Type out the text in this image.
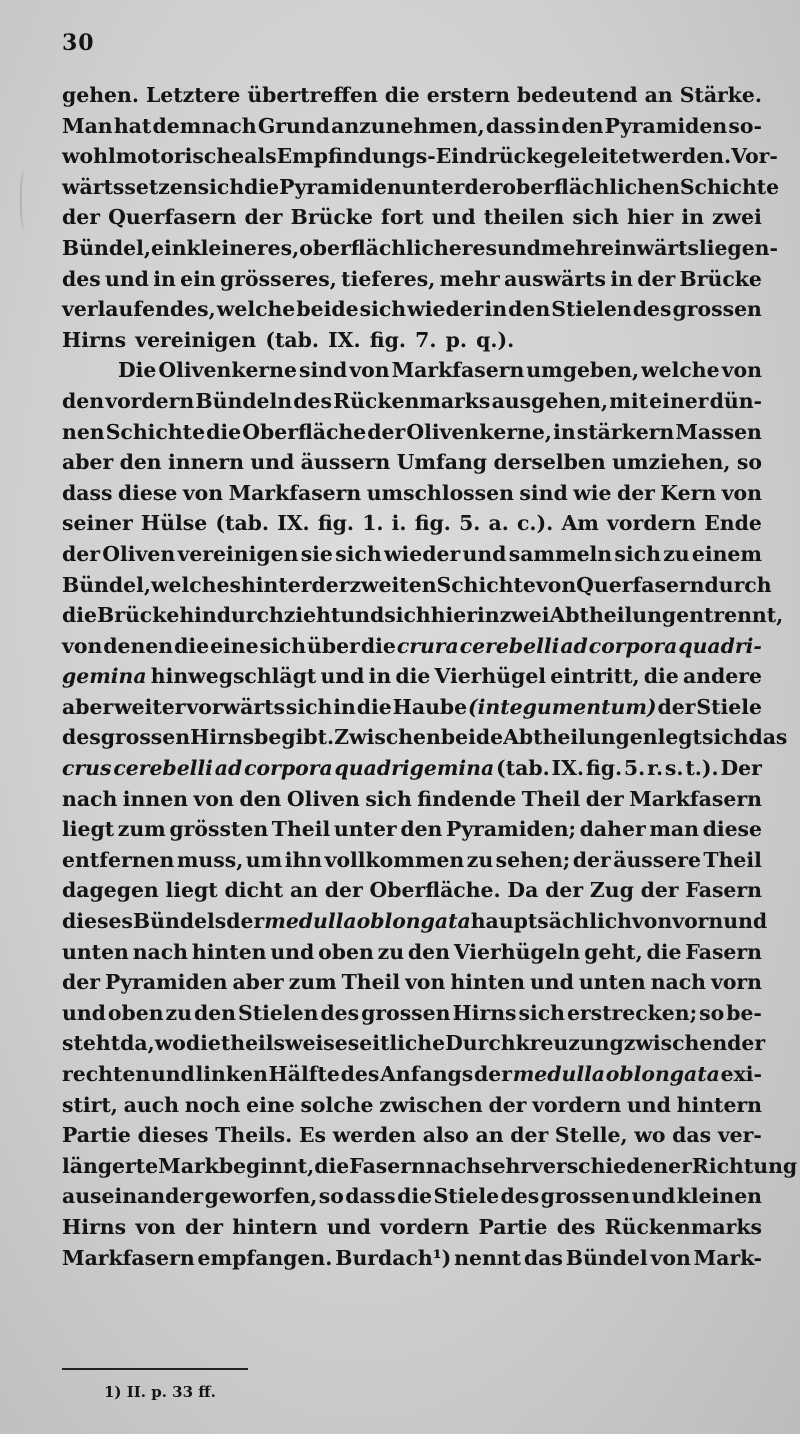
30
gehen. Letztere übertreffen die erstern bedeutend an Stärke.
Man hat demnach Grund anzunehmen, dass in den Pyramiden so-
wohl motorische als Empfindungs-Eindrücke geleitet werden. Vor-
wärts setzen sich die Pyramiden unter der oberflächlichen Schichte
der Querfasern der Brücke fort und theilen sich hier in zwei
Bündel, ein kleineres, oberflächlicheres und mehr einwärts liegen-
des und in ein grösseres, tieferes, mehr auswärts in der Brücke
verlaufendes, welche beide sich wieder in den Stielen des grossen
Hirns vereinigen (tab. IX. fig. 7. p. q.).
Die Olivenkerne sind von Markfasern umgeben, welche von
den vordern Bündeln des Rückenmarks ausgehen, mit einer dün-
nen Schichte die Oberfläche der Olivenkerne, in stärkern Massen
aber den innern und äussern Umfang derselben umziehen, so
dass diese von Markfasern umschlossen sind wie der Kern von
seiner Hülse (tab. IX. fig. 1. i. fig. 5. a. c.). Am vordern Ende
der Oliven vereinigen sie sich wieder und sammeln sich zu einem
Bündel, welches hinter der zweiten Schichte von Querfasern durch
die Brücke hindurchzieht und sich hier in zwei Abtheilungen trennt,
von denen die eine sich über die crura cerebelli ad corpora quadri-
gemina hinwegschlägt und in die Vierhügel eintritt, die andere
aber weiter vorwärts sich in die Haube (integumentum) der Stiele
des grossen Hirns begibt. Zwischen beide Abtheilungen legt sich das
crus cerebelli ad corpora quadrigemina (tab. IX. fig. 5. r. s. t.). Der
nach innen von den Oliven sich findende Theil der Markfasern
liegt zum grössten Theil unter den Pyramiden; daher man diese
entfernen muss, um ihn vollkommen zu sehen; der äussere Theil
dagegen liegt dicht an der Oberfläche. Da der Zug der Fasern
dieses Bündels der medulla oblongata hauptsächlich von vorn und
unten nach hinten und oben zu den Vierhügeln geht, die Fasern
der Pyramiden aber zum Theil von hinten und unten nach vorn
und oben zu den Stielen des grossen Hirns sich erstrecken; so be-
steht da, wo die theilsweise seitliche Durchkreuzung zwischen der
rechten und linken Hälfte des Anfangs der medulla oblongata exi-
stirt, auch noch eine solche zwischen der vordern und hintern
Partie dieses Theils. Es werden also an der Stelle, wo das ver-
längerte Mark beginnt, die Fasern nach sehr verschiedener Richtung
auseinander geworfen, so dass die Stiele des grossen und kleinen
Hirns von der hintern und vordern Partie des Rückenmarks
Markfasern empfangen. Burdach¹) nennt das Bündel von Mark-
1) II. p. 33 ff.
